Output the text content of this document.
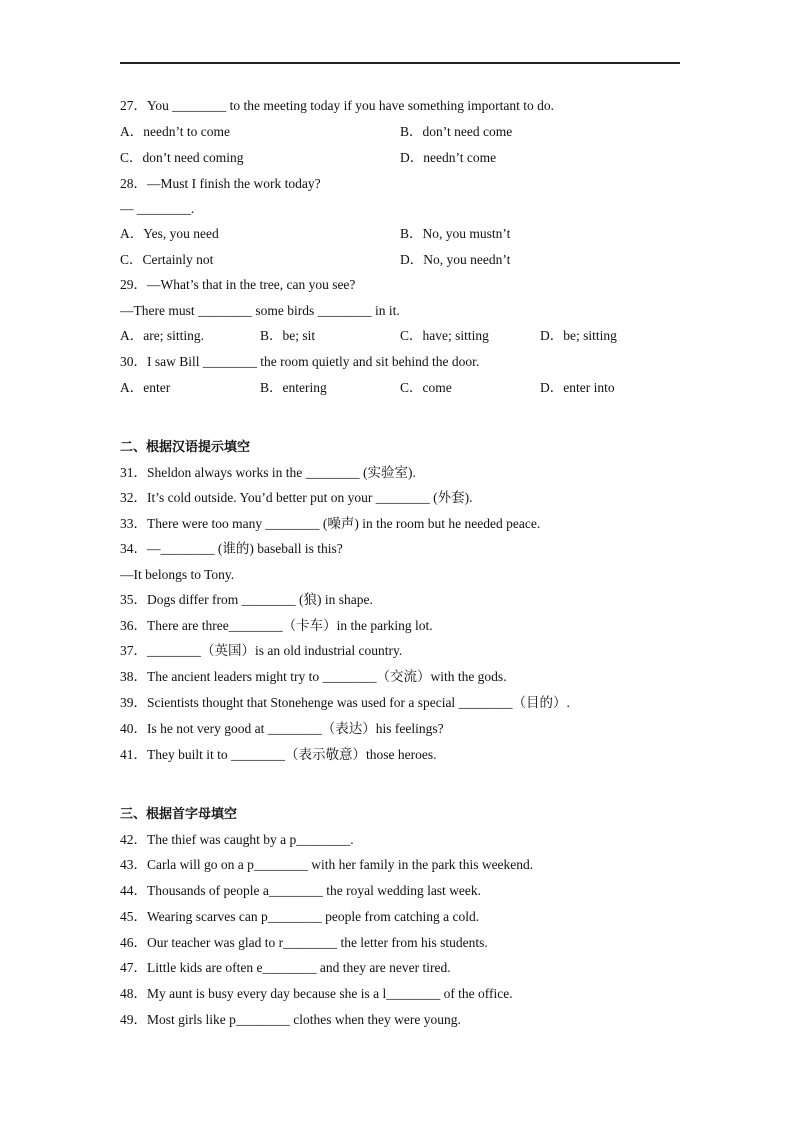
27．You ________ to the meeting today if you have something important to do.
A．needn’t to come	B．don’t need come
C．don’t need coming	D．needn’t come
28．—Must I finish the work today?
— ________.
A．Yes, you need	B．No, you mustn’t
C．Certainly not	D．No, you needn’t
29．—What’s that in the tree, can you see?
—There must ________ some birds ________ in it.
A．are; sitting.	B．be; sit	C．have; sitting	D．be; sitting
30．I saw Bill ________ the room quietly and sit behind the door.
A．enter	B．entering	C．come	D．enter into
二、根据汉语提示填空
31．Sheldon always works in the ________ (实验室).
32．It’s cold outside. You’d better put on your ________ (外套).
33．There were too many ________ (噪声) in the room but he needed peace.
34．—________ (谁的) baseball is this?
—It belongs to Tony.
35．Dogs differ from ________ (狼) in shape.
36．There are three________（卡车）in the parking lot.
37．________（英国）is an old industrial country.
38．The ancient leaders might try to ________（交流）with the gods.
39．Scientists thought that Stonehenge was used for a special ________（目的）.
40．Is he not very good at ________（表达）his feelings?
41．They built it to ________（表示敬意）those heroes.
三、根据首字母填空
42．The thief was caught by a p________.
43．Carla will go on a p________ with her family in the park this weekend.
44．Thousands of people a________ the royal wedding last week.
45．Wearing scarves can p________ people from catching a cold.
46．Our teacher was glad to r________ the letter from his students.
47．Little kids are often e________ and they are never tired.
48．My aunt is busy every day because she is a l________ of the office.
49．Most girls like p________ clothes when they were young.
